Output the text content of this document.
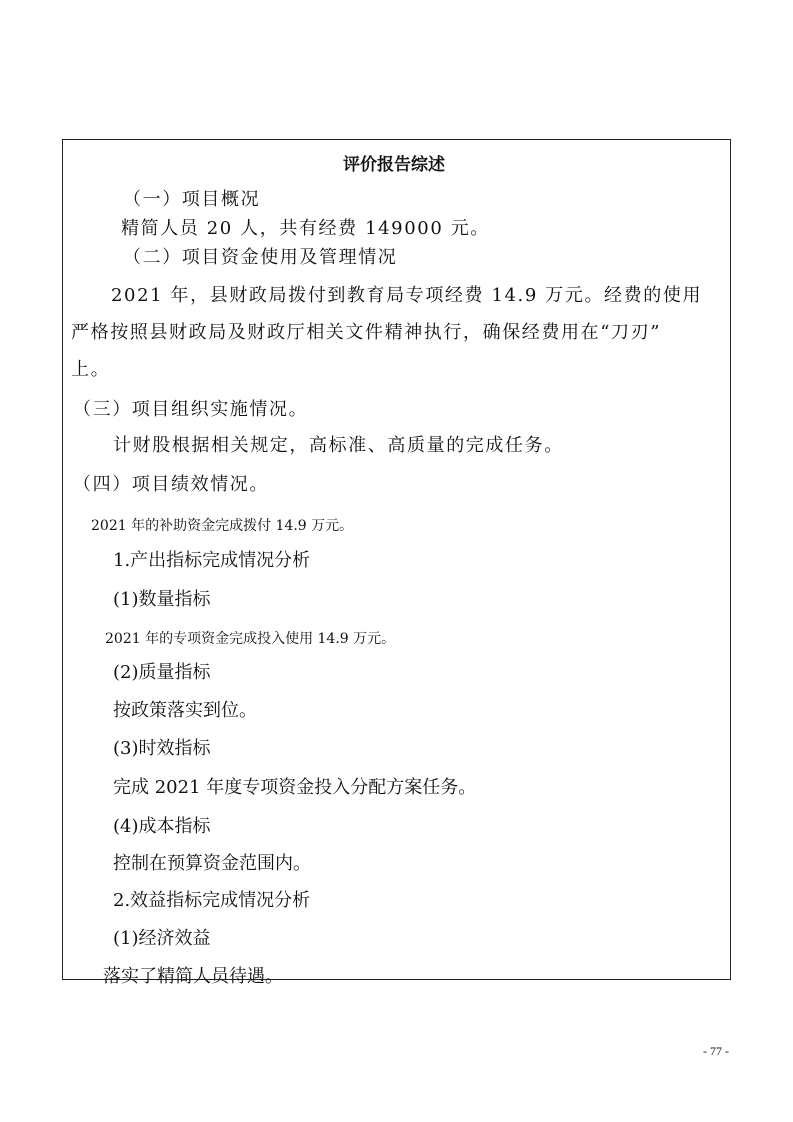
评价报告综述
（一）项目概况
精简人员 20 人，共有经费 149000 元。
（二）项目资金使用及管理情况
2021 年，县财政局拨付到教育局专项经费 14.9 万元。经费的使用
严格按照县财政局及财政厅相关文件精神执行，确保经费用在“刀刃”
上。
（三）项目组织实施情况。
计财股根据相关规定，高标准、高质量的完成任务。
（四）项目绩效情况。
2021 年的补助资金完成拨付 14.9 万元。
1.产出指标完成情况分析
(1)数量指标
2021 年的专项资金完成投入使用 14.9 万元。
(2)质量指标
按政策落实到位。
(3)时效指标
完成 2021 年度专项资金投入分配方案任务。
(4)成本指标
控制在预算资金范围内。
2.效益指标完成情况分析
(1)经济效益
落实了精简人员待遇。
- 77 -
